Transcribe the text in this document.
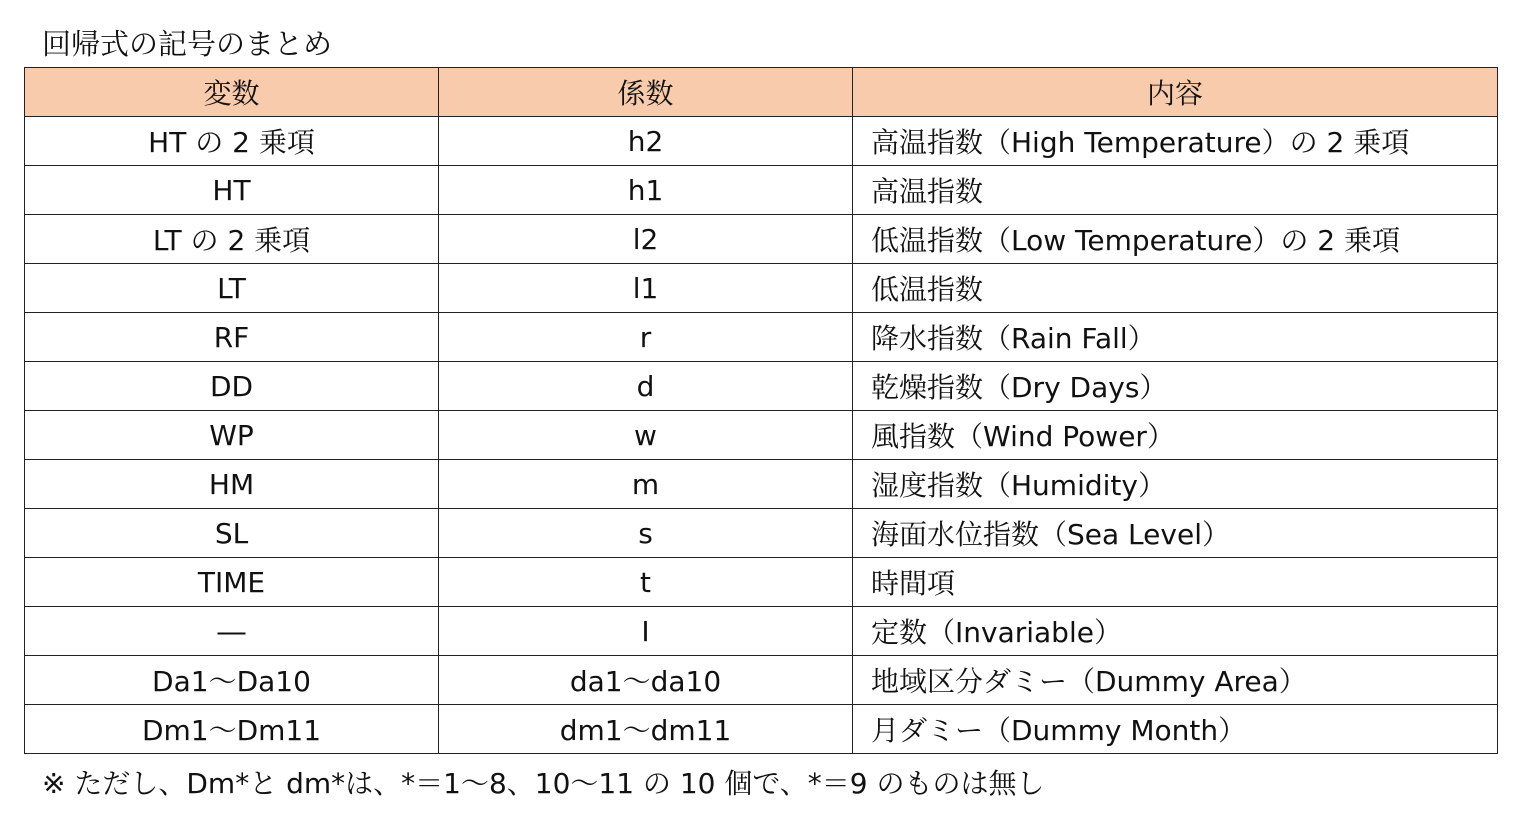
回帰式の記号のまとめ
変数	係数	内容
HT の 2 乗項	h2	高温指数（High Temperature）の 2 乗項
HT	h1	高温指数
LT の 2 乗項	l2	低温指数（Low Temperature）の 2 乗項
LT	l1	低温指数
RF	r	降水指数（Rain Fall）
DD	d	乾燥指数（Dry Days）
WP	w	風指数（Wind Power）
HM	m	湿度指数（Humidity）
SL	s	海面水位指数（Sea Level）
TIME	t	時間項
―	I	定数（Invariable）
Da1～Da10	da1～da10	地域区分ダミー（Dummy Area）
Dm1～Dm11	dm1～dm11	月ダミー（Dummy Month）
※ ただし、Dm*と dm*は、*＝1～8、10～11 の 10 個で、*＝9 のものは無し
